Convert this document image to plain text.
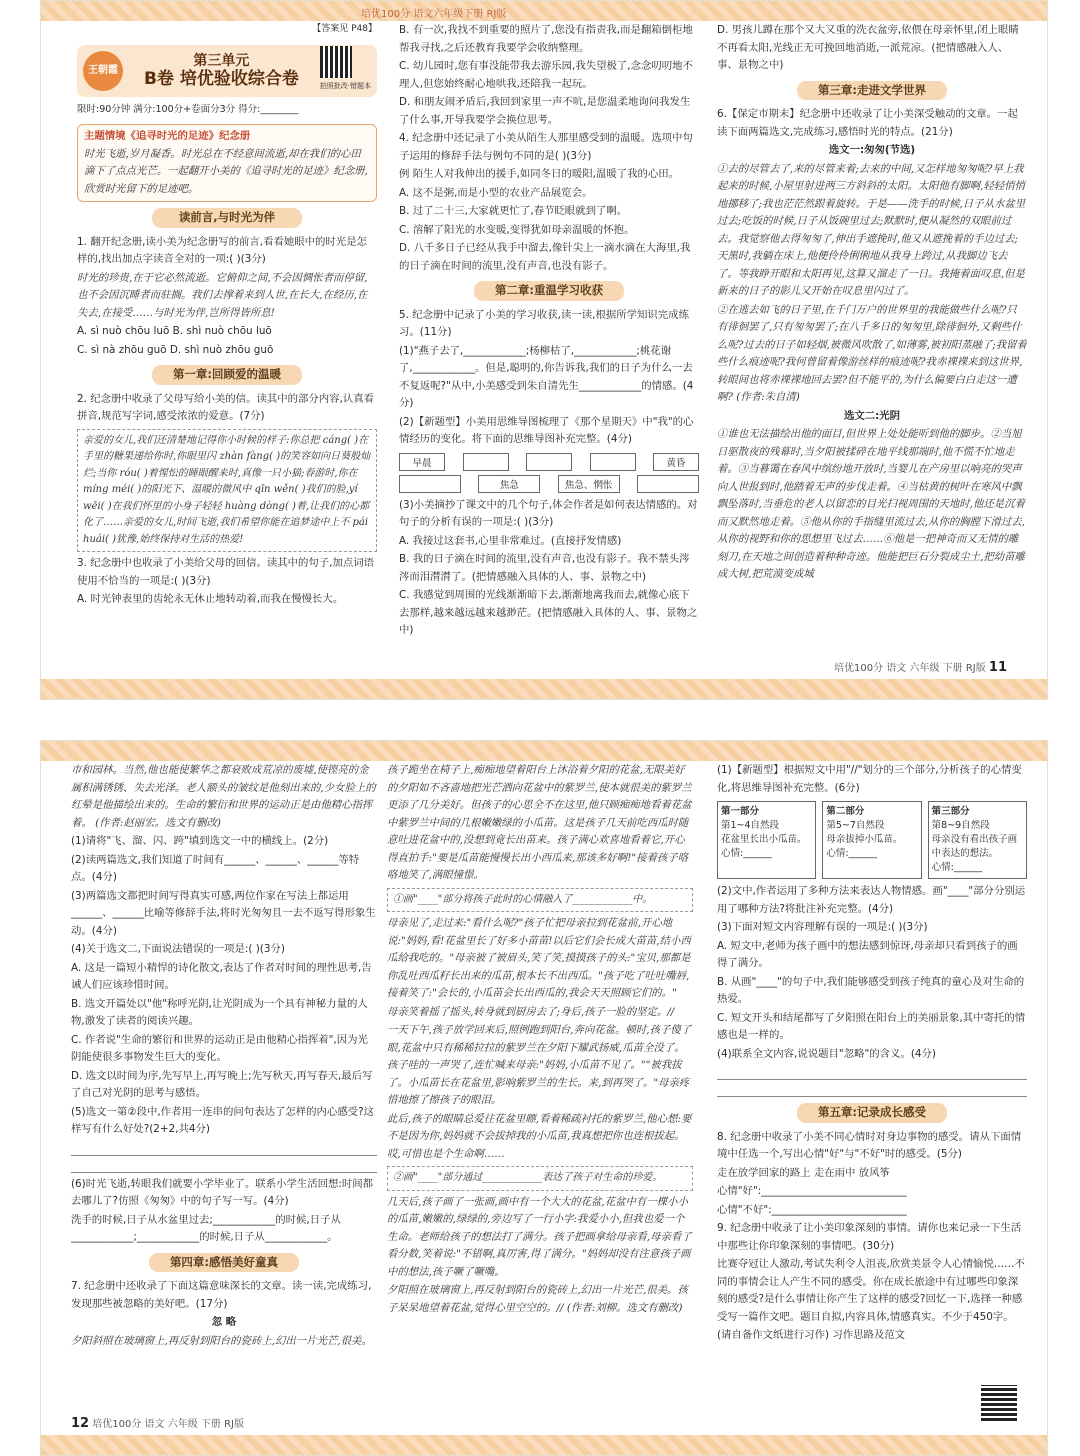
培优100分 语文六年级下册 RJ版
【答案见 P48】
王朝霞
第三单元
B卷 培优验收综合卷	拍照批改·错题本
限时:90分钟 满分:100分+卷面分3分 得分:________
主题情境《追寻时光的足迹》纪念册
时光飞逝,岁月凝香。时光总在不经意间流逝,却在我们的心田滴下了点点光芒。一起翻开小美的《追寻时光的足迹》纪念册,欣赏时光留下的足迹吧。
读前言,与时光为伴
1. 翻开纪念册,读小美为纪念册写的前言,看看她眼中的时光是怎样的,找出加点字读音全对的一项:( )(3分)
时光的珍贵,在于它必然流逝。它俯仰之间,不会因惆怅者而停留,也不会因沉睡者而驻搁。我们去撑着来到人世,在长大,在经历,在失去,在接受……与时光为伴,岂所得皆所息!
A. sì nuò chōu luō B. shì nuò chōu luō
C. sì nà zhōu guō D. shì nuò zhōu guō
第一章:回顾爱的温暖
2. 纪念册中收录了父母写给小美的信。读其中的部分内容,认真看拼音,规范写字词,感受浓浓的爱意。(7分)
亲爱的女儿,我们还清楚地记得你小时候的样子:你总把 cáng( )在手里的糖果递给你时,你眼里闪 zhàn fàng( )的笑容如向日葵般灿烂;当你 róu( )着惺忪的睡眼醒来时,真像一只小猫;春游时,你在 míng méi( )的阳光下、温暖的微风中 qīn wěn( )我们的脸,yí wēi( )在我们怀里的小身子轻轻 huàng dòng( )着,让我们的心都化了……亲爱的女儿,时间飞逝,我们希望你能在追梦途中上不 pái huái( )犹豫,始终保持对生活的热爱!
3. 纪念册中也收录了小美给父母的回信。读其中的句子,加点词语使用不恰当的一项是:( )(3分)
A. 时光钟表里的齿轮永无休止地转动着,而我在慢慢长大。
B. 有一次,我找不到重要的照片了,您没有指责我,而是翻箱倒柜地帮我寻找,之后还教育我要学会收纳整理。
C. 幼儿园时,您有事没能带我去游乐园,我失望极了,念念叨叨地不理人,但您始终耐心地哄我,还陪我一起玩。
D. 和朋友闹矛盾后,我回到家里一声不吭,是您温柔地询问我发生了什么事,开导我要学会换位思考。
4. 纪念册中还记录了小美从陌生人那里感受到的温暖。选项中句子运用的修辞手法与例句不同的是( )(3分)
例 陌生人对我伸出的援手,如同冬日的暖阳,温暖了我的心田。
A. 这不是粥,而是小型的农业产品展览会。
B. 过了二十三,大家就更忙了,春节眨眼就到了啊。
C. 溶解了阳光的水变暖,变得犹如母亲温暖的怀抱。
D. 八千多日子已经从我手中溜去,像针尖上一滴水滴在大海里,我的日子滴在时间的流里,没有声音,也没有影子。
第二章:重温学习收获
5. 纪念册中记录了小美的学习收获,读一读,根据所学知识完成练习。(11分)
(1)"燕子去了,____________;杨柳枯了,____________;桃花谢了,____________。但是,聪明的,你告诉我,我们的日子为什么一去不复返呢?"从中,小美感受到朱自清先生____________的情感。(4分)
(2)【新题型】小美用思维导图梳理了《那个星期天》中"我"的心情经历的变化。将下面的思维导图补充完整。(4分)
早晨	黄昏
焦急	焦急、惘怅
(3)小美摘抄了课文中的几个句子,体会作者是如何表达情感的。对句子的分析有误的一项是:( )(3分)
A. 我接过这套书,心里非常难过。(直接抒发情感)
B. 我的日子滴在时间的流里,没有声音,也没有影子。我不禁头涔涔而泪潸潸了。(把情感融入具体的人、事、景物之中)
C. 我感觉到周围的光线渐渐暗下去,渐渐地离我而去,就像心底下去那样,越来越远越来越渺茫。(把情感融入具体的人、事、景物之中)
D. 男孩儿蹲在那个又大又重的洗衣盆旁,依偎在母亲怀里,闭上眼睛不再看太阳,光线正无可挽回地消逝,一派荒凉。(把情感融入人、事、景物之中)
第三章:走进文学世界
6.【保定市期末】纪念册中还收录了让小美深受触动的文章。一起读下面两篇选文,完成练习,感悟时光的特点。(21分)
选文一:匆匆(节选)
①去的尽管去了,来的尽管来着;去来的中间,又怎样地匆匆呢?早上我起来的时候,小屋里射进两三方斜斜的太阳。太阳他有脚啊,轻轻悄悄地挪移了;我也茫茫然跟着旋转。于是——洗手的时候,日子从水盆里过去;吃饭的时候,日子从饭碗里过去;默默时,便从凝然的双眼前过去。我觉察他去得匆匆了,伸出手遮挽时,他又从遮挽着的手边过去;天黑时,我躺在床上,他便伶伶俐俐地从我身上跨过,从我脚边飞去了。等我睁开眼和太阳再见,这算又溜走了一日。我掩着面叹息,但是新来的日子的影儿又开始在叹息里闪过了。
②在逃去如飞的日子里,在千门万户的世界里的我能做些什么呢?只有徘徊罢了,只有匆匆罢了;在八千多日的匆匆里,除徘徊外,又剩些什么呢?过去的日子如轻烟,被微风吹散了,如薄雾,被初阳蒸融了;我留着些什么痕迹呢?我何曾留着像游丝样的痕迹呢?我赤裸裸来到这世界,转眼间也将赤裸裸地回去罢?但不能平的,为什么偏要白白走这一遭啊? (作者:朱自清)
选文二:光阴
①谁也无法描绘出他的面目,但世界上处处能听到他的脚步。②当旭日驱散夜的残幕时,当夕阳被揉碎在地平线那端时,他不慌不忙地走着。③当暮霭在春风中缤纷地开放时,当婴儿在产房里以响亮的哭声向人世报到时,他踏着无声的步伐走着。④当枯黄的树叶在寒风中飘飘坠落时,当垂危的老人以留恋的目光扫视周围的天地时,他还是沉着而又默然地走着。⑤他从你的手指缝里流过去,从你的胸膛下滑过去,从你的视野和你的思想里飞过去……⑥他是一把神奇而又无情的雕刻刀,在天地之间创造着种种奇迹。他能把巨石分裂成尘土,把幼苗雕成大树,把荒漠变成城
培优100分 语文 六年级 下册 RJ版 11
市和园林。当然,他也能使繁华之都衰败成荒凉的废墟,使铿亮的金属积满锈锈、失去光泽。老人额头的皱纹是他刻出来的,少女脸上的红晕是他描绘出来的。生命的繁衍和世界的运动正是由他精心指挥着。 (作者:赵丽宏。选文有删改)
(1)请将"飞、溜、闪、跨"填到选文一中的横线上。(2分)
(2)读两篇选文,我们知道了时间有______、______、______等特点。(4分)
(3)两篇选文都把时间写得真实可感,两位作家在写法上都运用______、______比喻等修辞手法,将时光匆匆且一去不返写得形象生动。(4分)
(4)关于选文二,下面说法错误的一项是:( )(3分)
A. 这是一篇短小精悍的诗化散文,表达了作者对时间的理性思考,告诫人们应该珍惜时间。
B. 选文开篇处以"他"称呼光阴,让光阴成为一个具有神秘力量的人物,激发了读者的阅读兴趣。
C. 作者说"生命的繁衍和世界的运动正是由他精心指挥着",因为光阴能使很多事物发生巨大的变化。
D. 选文以时间为序,先写早上,再写晚上;先写秋天,再写春天,最后写了自己对光阴的思考与感悟。
(5)选文一第②段中,作者用一连串的问句表达了怎样的内心感受?这样写有什么好处?(2+2,共4分)
(6)时光飞逝,转眼我们就要小学毕业了。联系小学生活回想:时间都去哪儿了?仿照《匆匆》中的句子写一写。(4分)
洗手的时候,日子从水盆里过去;____________的时候,日子从____________;____________的时候,日子从____________。
第四章:感悟美好童真
7. 纪念册中还收录了下面这篇意味深长的文章。读一读,完成练习,发现那些被忽略的美好吧。(17分)
忽 略
夕阳斜照在玻璃窗上,再反射到阳台的瓷砖上,幻出一片光芒,很美。
孩子跪坐在椅子上,痴痴地望着阳台上沐浴着夕阳的花盆,无限美好的夕阳如不吝啬地把光芒洒向花盆中的紫罗兰,使本就很美的紫罗兰更添了几分美好。但孩子的心思全不在这里,他只顾痴痴地看着花盆中紫罗兰中间的几根嫩嫩绿的小瓜苗。这是孩子几天前吃西瓜时随意吐进花盆中的,没想到竟长出苗来。孩子满心欢喜地看着它,开心得直拍手:"要是瓜苗能慢慢长出小西瓜来,那该多好啊!"接着孩子咯咯地笑了,满眼憧憬。
①画"____"部分将孩子此时的心情融入了____________中。
母亲见了,走过来:"看什么呢?"孩子忙把母亲拉到花盆前,开心地说:"妈妈,看!花盆里长了好多小苗苗!以后它们会长成大苗苗,结小西瓜给我吃的。"母亲被了被眉头,笑了笑,摸摸孩子的头:"宝贝,那都是你乱吐西瓜籽长出来的瓜苗,根本长不出西瓜。"孩子吃了吐吐嘴唇,接着笑了:"会长的,小瓜苗会长出西瓜的,我会天天照顾它们的。"
母亲笑着摇了摇头,转身就到厨房去了;身后,孩子一脸的坚定。//
一天下午,孩子放学回来后,照例跑到阳台,奔向花盆。顿时,孩子傻了眼,花盆中只有稀稀拉拉的紫罗兰在夕阳下耀武扬威,瓜苗全没了。孩子哇的一声哭了,连忙喊来母亲:"妈妈,小瓜苗不见了。""被我拔了。小瓜苗长在花盆里,影响紫罗兰的生长。来,到再哭了。"母亲疼惜地擦了擦孩子的眼泪。
此后,孩子的眼睛总爱往花盆里瞟,看着稀疏衬托的紫罗兰,他心想:要不是因为你,妈妈就不会拔掉我的小瓜苗,我真想把你也连根拔起。哎,可惜也是个生命啊……
②画"____"部分通过____________表达了孩子对生命的珍爱。
几天后,孩子画了一张画,画中有一个大大的花盆,花盆中有一棵小小的瓜苗,嫩嫩的,绿绿的,旁边写了一行小字:我爱小小,但我也爱一个生命。老师给孩子的想法打了满分。孩子把画拿给母亲看,母亲看了看分数,笑着说:"不错啊,真厉害,得了满分。"妈妈却没有注意孩子画中的想法,孩子噘了噘嘴。
夕阳照在玻璃窗上,再反射到阳台的瓷砖上,幻出一片光芒,很美。孩子呆呆地望着花盆,觉得心里空空的。// (作者:刘柳。选文有删改)
(1)【新题型】根据短文中用"//"划分的三个部分,分析孩子的心情变化,将思维导图补充完整。(6分)
第一部分
第1~4自然段
花盆里长出小瓜苗。
心情:______
第二部分
第5~7自然段
母亲拔掉小瓜苗。
心情:______
第三部分
第8~9自然段
母亲没有看出孩子画中表达的想法。
心情:______
(2)文中,作者运用了多种方法来表达人物情感。画"____"部分分别运用了哪种方法?将批注补充完整。(4分)
(3)下面对短文内容理解有误的一项是:( )(3分)
A. 短文中,老师为孩子画中的想法感到惊讶,母亲却只看到孩子的画得了满分。
B. 从画"____"的句子中,我们能够感受到孩子纯真的童心及对生命的热爱。
C. 短文开头和结尾都写了夕阳照在阳台上的美丽景象,其中寄托的情感也是一样的。
(4)联系全文内容,说说题目"忽略"的含义。(4分)
第五章:记录成长感受
8. 纪念册中收录了小美不同心情时对身边事物的感受。请从下面情境中任选一个,写出心情"好"与"不好"时的感受。(5分)
走在放学回家的路上 走在雨中 放风筝
心情"好":____________________________
心情"不好":__________________________
9. 纪念册中收录了让小美印象深刻的事情。请你也来记录一下生活中那些让你印象深刻的事情吧。(30分)
比赛夺冠让人激动,考试失利令人沮丧,欣赏美景令人心情愉悦……不同的事情会让人产生不同的感受。你在成长旅途中有过哪些印象深刻的感受?是什么事情让你产生了这样的感受?回忆一下,选择一种感受写一篇作文吧。题目自拟,内容具体,情感真实。不少于450字。
(请自备作文纸进行习作) 习作思路及范文
12 培优100分 语文 六年级 下册 RJ版
